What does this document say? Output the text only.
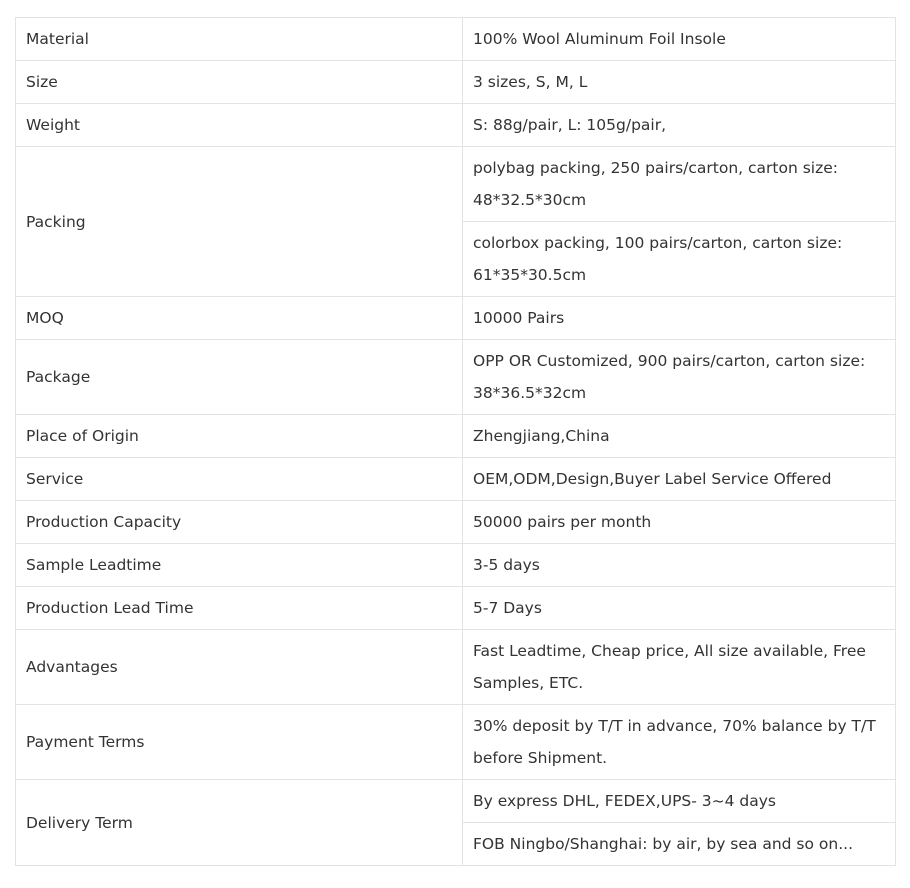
Material	100% Wool Aluminum Foil Insole
Size	3 sizes, S, M, L
Weight	S: 88g/pair, L: 105g/pair,
Packing	polybag packing, 250 pairs/carton, carton size: 48*32.5*30cm
	colorbox packing, 100 pairs/carton, carton size: 61*35*30.5cm
MOQ	10000 Pairs
Package	OPP OR Customized, 900 pairs/carton, carton size: 38*36.5*32cm
Place of Origin	Zhengjiang,China
Service	OEM,ODM,Design,Buyer Label Service Offered
Production Capacity	50000 pairs per month
Sample Leadtime	3-5 days
Production Lead Time	5-7 Days
Advantages	Fast Leadtime, Cheap price, All size available, Free Samples, ETC.
Payment Terms	30% deposit by T/T in advance, 70% balance by T/T before Shipment.
Delivery Term	By express DHL, FEDEX,UPS- 3~4 days
	FOB Ningbo/Shanghai: by air, by sea and so on...
